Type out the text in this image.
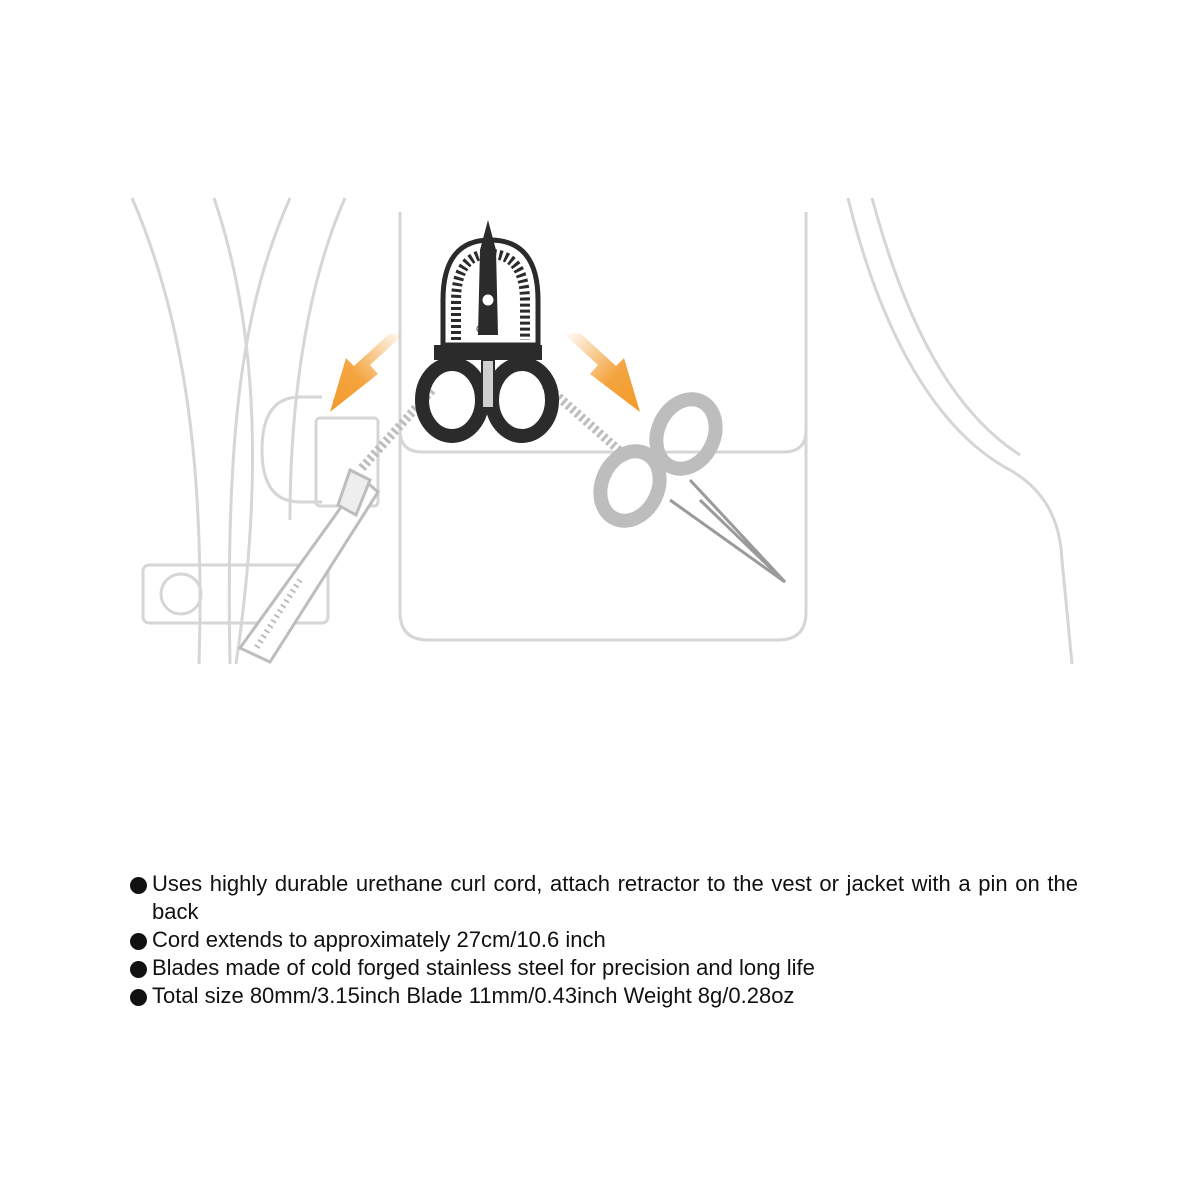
C&F
Uses highly durable urethane curl cord, attach retractor to the vest or jacket with a pin on the back
Cord extends to approximately 27cm/10.6 inch
Blades made of cold forged stainless steel for precision and long life
Total size 80mm/3.15inch Blade 11mm/0.43inch Weight 8g/0.28oz
